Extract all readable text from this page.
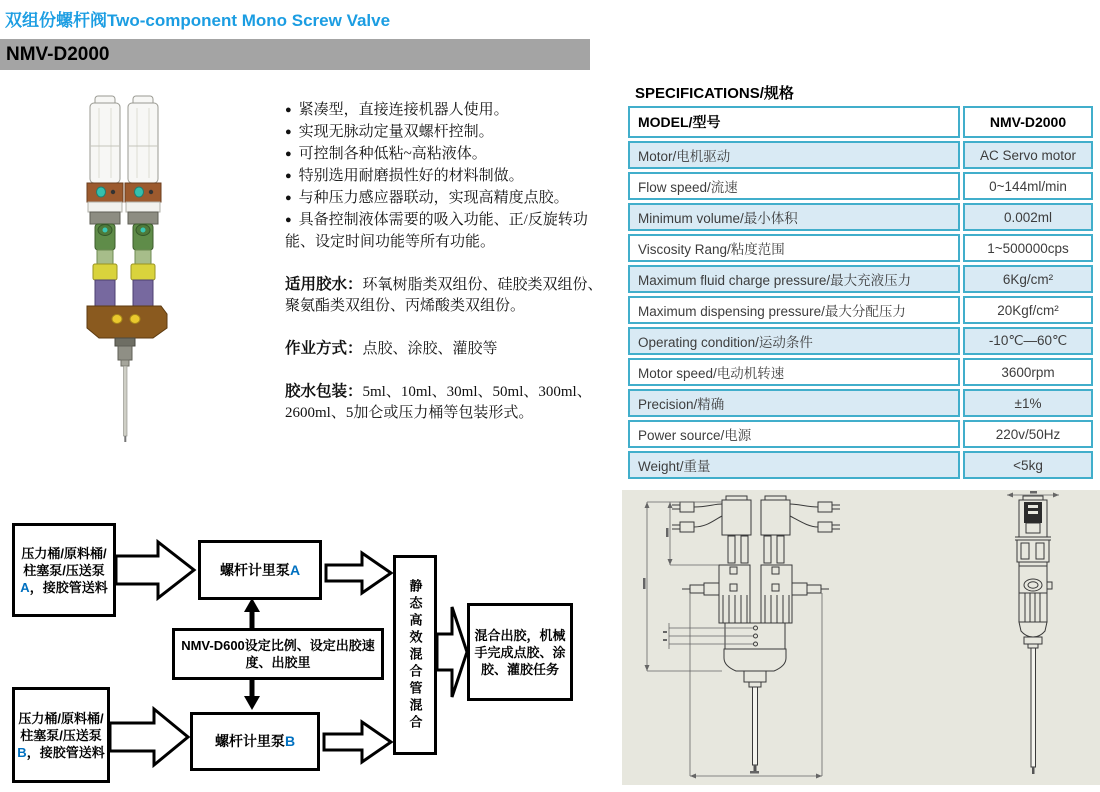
双组份螺杆阀Two-component Mono Screw Valve
NMV-D2000
● 紧凑型，直接连接机器人使用。
● 实现无脉动定量双螺杆控制。
● 可控制各种低粘~高粘液体。
● 特别选用耐磨损性好的材料制做。
● 与种压力感应器联动，实现高精度点胶。
● 具备控制液体需要的吸入功能、正/反旋转功能、设定时间功能等所有功能。
适用胶水：环氧树脂类双组份、硅胶类双组份、聚氨酯类双组份、丙烯酸类双组份。
作业方式：点胶、涂胶、灌胶等
胶水包装：5ml、10ml、30ml、50ml、300ml、2600ml、5加仑或压力桶等包装形式。
SPECIFICATIONS/规格
MODEL/型号	NMV-D2000
Motor/电机驱动	AC Servo motor
Flow speed/流速	0~144ml/min
Minimum volume/最小体积	0.002ml
Viscosity Rang/粘度范围	1~500000cps
Maximum fluid charge pressure/最大充液压力	6Kg/cm²
Maximum dispensing pressure/最大分配压力	20Kgf/cm²
Operating condition/运动条件	-10℃—60℃
Motor speed/电动机转速	3600rpm
Precision/精确	±1%
Power source/电源	220v/50Hz
Weight/重量	<5kg
压力桶/原料桶/柱塞泵/压送泵A，接胶管送料
螺杆计里泵A
NMV-D600设定比例、设定出胶速度、出胶里
压力桶/原料桶/柱塞泵/压送泵B，接胶管送料
螺杆计里泵B
静态高效混合管混合	混合出胶，机械手完成点胶、涂胶、灌胶任务
